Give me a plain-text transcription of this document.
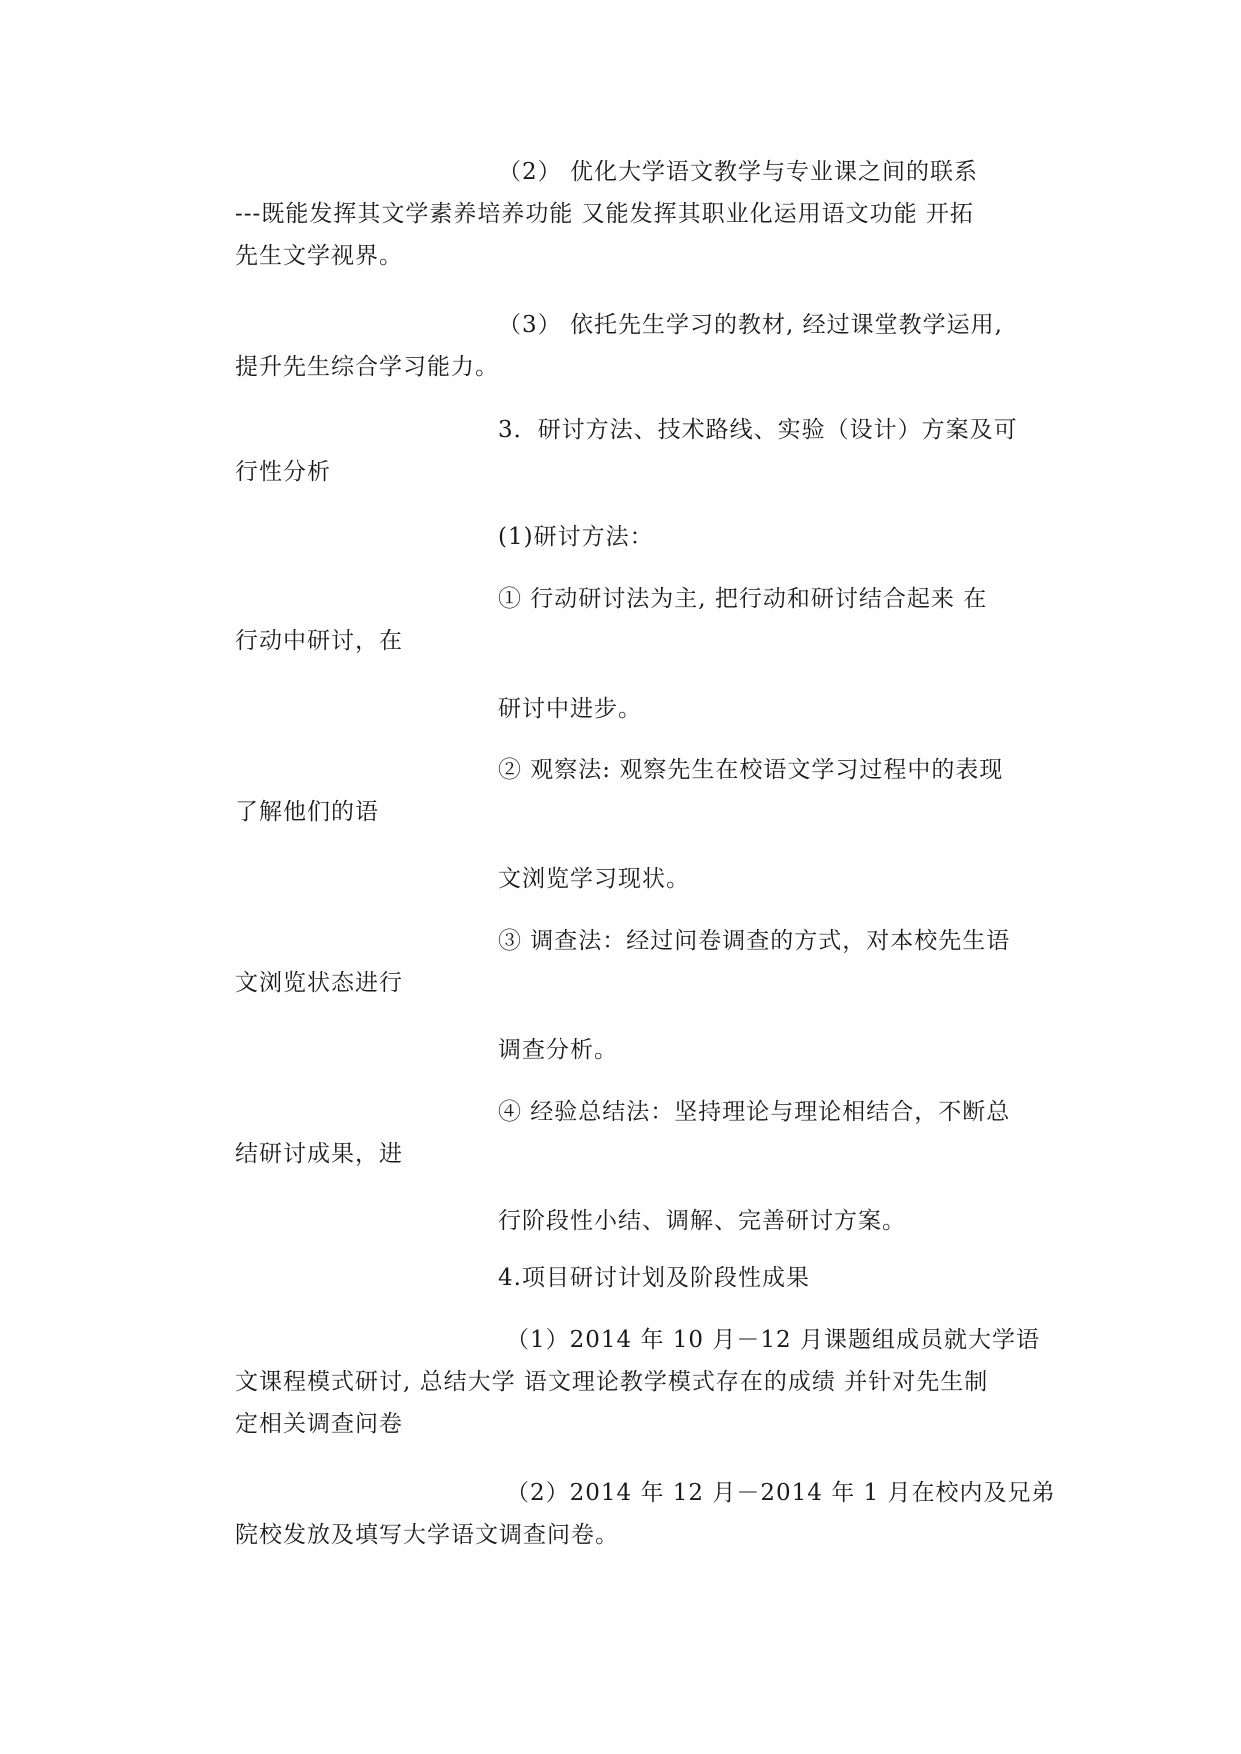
（2） 优化大学语文教学与专业课之间的联系

---既能发挥其文学素养培养功能 又能发挥其职业化运用语文功能 开拓

先生文学视界。

（3） 依托先生学习的教材, 经过课堂教学运用,

提升先生综合学习能力。

3．研讨方法、技术路线、实验（设计）方案及可

行性分析

(1)研讨方法：

① 行动研讨法为主, 把行动和研讨结合起来 在

行动中研讨，在

研讨中进步。

② 观察法: 观察先生在校语文学习过程中的表现

了解他们的语

文浏览学习现状。

③ 调查法：经过问卷调查的方式，对本校先生语

文浏览状态进行

调查分析。

④ 经验总结法：坚持理论与理论相结合，不断总

结研讨成果，进

行阶段性小结、调解、完善研讨方案。

4.项目研讨计划及阶段性成果

（1）2014 年 10 月－12 月课题组成员就大学语

文课程模式研讨, 总结大学 语文理论教学模式存在的成绩 并针对先生制

定相关调查问卷

（2）2014 年 12 月－2014 年 1 月在校内及兄弟

院校发放及填写大学语文调查问卷。
